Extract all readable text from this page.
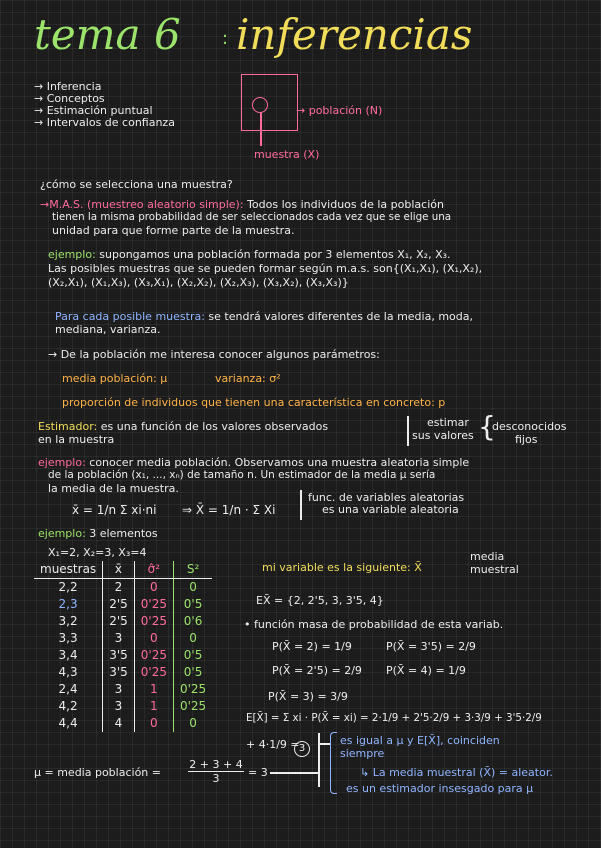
tema 6 : inferencias
→ Inferencia
→ Conceptos
→ Estimación puntual
→ Intervalos de confianza
→ población (N)
muestra (X)
¿cómo se selecciona una muestra?
→M.A.S. (muestreo aleatorio simple): Todos los individuos de la población
tienen la misma probabilidad de ser seleccionados cada vez que se elige una
unidad para que forme parte de la muestra.
ejemplo: supongamos una población formada por 3 elementos X₁, X₂, X₃.
Las posibles muestras que se pueden formar según m.a.s. son{(X₁,X₁), (X₁,X₂),
(X₂,X₁), (X₁,X₃), (X₃,X₁), (X₂,X₂), (X₂,X₃), (X₃,X₂), (X₃,X₃)}
Para cada posible muestra: se tendrá valores diferentes de la media, moda,
mediana, varianza.
→ De la población me interesa conocer algunos parámetros:
media población: μ	varianza: σ²
proporción de individuos que tienen una característica en concreto: p
Estimador: es una función de los valores observados
en la muestra
estimar
sus valores {
desconocidos
fijos
ejemplo: conocer media población. Observamos una muestra aleatoria simple
de la población (x₁, ..., xₙ) de tamaño n. Un estimador de la media μ sería
la media de la muestra.
x̄ = 1/n Σ xi·ni ⇒ X̄ = 1/n · Σ Xi
func. de variables aleatorias
es una variable aleatoria
ejemplo: 3 elementos
X₁=2, X₂=3, X₃=4
muestras	x̄	σ̂²	S²
2,2	2	0	0
2,3	2'5	0'25	0'5
3,2	2'5	0'25	0'6
3,3	3	0	0
3,4	3'5	0'25	0'5
4,3	3'5	0'25	0'5
2,4	3	1	0'25
4,2	3	1	0'25
4,4	4	0	0
mi variable es la siguiente: X̄
media
muestral
EX̄ = {2, 2'5, 3, 3'5, 4}
• función masa de probabilidad de esta variab.
P(X̄ = 2) = 1/9	P(X̄ = 3'5) = 2/9
P(X̄ = 2'5) = 2/9 P(X̄ = 4) = 1/9
P(X̄ = 3) = 3/9
E[X̄] = Σ xi · P(X̄ = xi) = 2·1/9 + 2'5·2/9 + 3·3/9 + 3'5·2/9
+ 4·1/9 = 3
es igual a μ y E[X̄], coinciden
siempre
↳ La media muestral (X̄) = aleator.
es un estimador insesgado para μ
μ = media población = $\frac{2 + 3 + 4}{3} = 3$
